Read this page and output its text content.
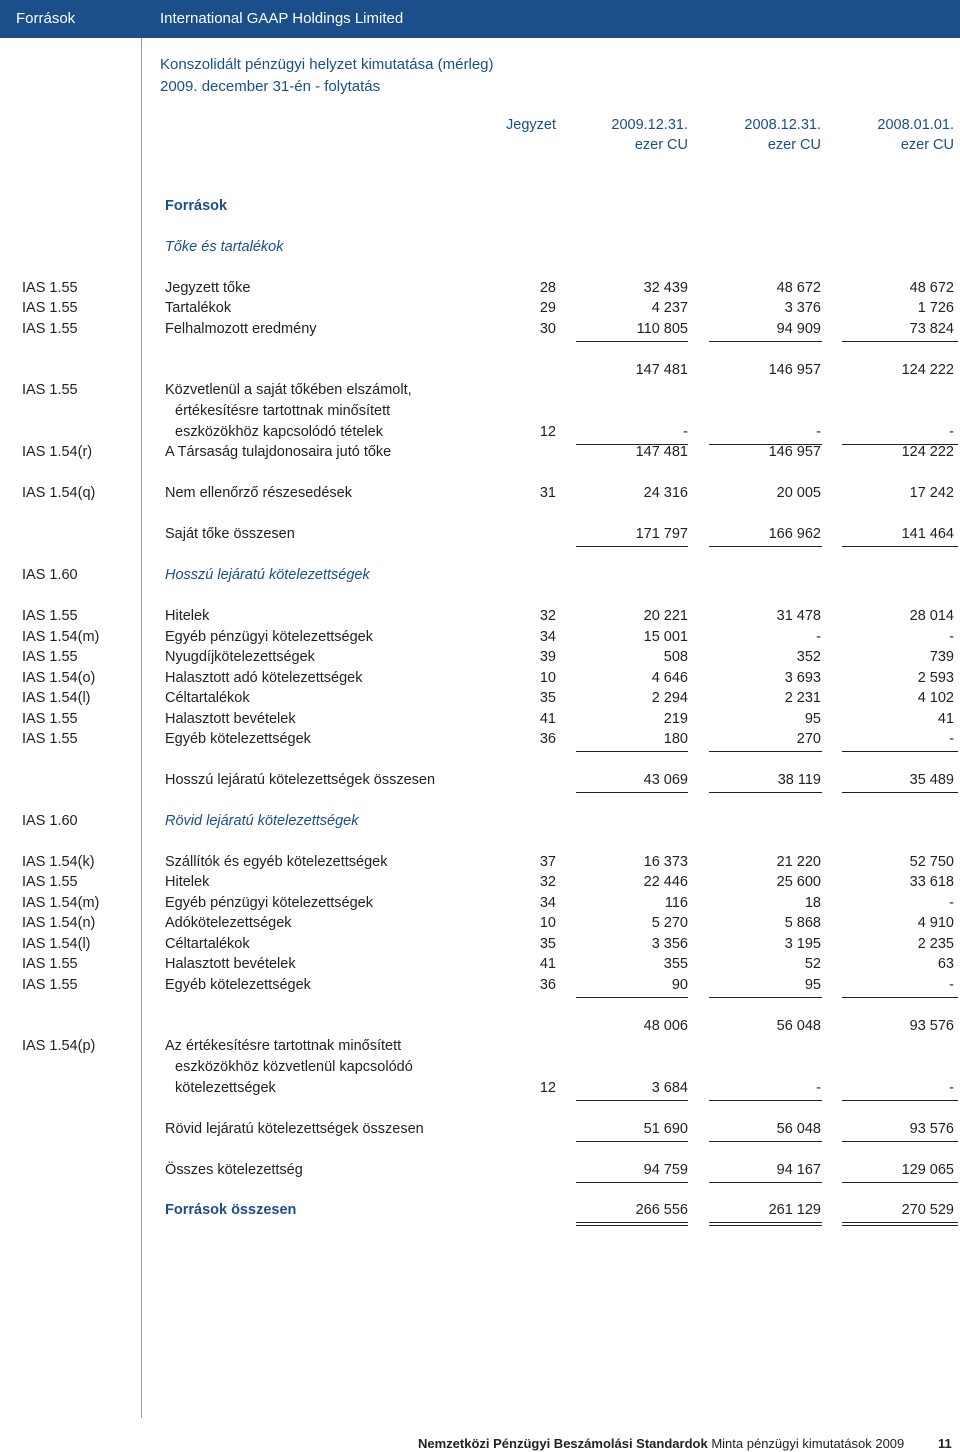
Források	International GAAP Holdings Limited
Konszolidált pénzügyi helyzet kimutatása (mérleg)
2009. december 31-én - folytatás
Jegyzet	2009.12.31.	2008.12.31.	2008.01.01.
ezer CU	ezer CU	ezer CU
Források
Tőke és tartalékok
IAS 1.55	Jegyzett tőke	28	32 439	48 672	48 672
IAS 1.55	Tartalékok	29	4 237	3 376	1 726
IAS 1.55	Felhalmozott eredmény	30	110 805	94 909	73 824
147 481	146 957	124 222
IAS 1.55	Közvetlenül a saját tőkében elszámolt,
értékesítésre tartottnak minősített
eszközökhöz kapcsolódó tételek	12	-	-	-
IAS 1.54(r)	A Társaság tulajdonosaira jutó tőke	147 481	146 957	124 222
IAS 1.54(q)	Nem ellenőrző részesedések	31	24 316	20 005	17 242
Saját tőke összesen	171 797	166 962	141 464
IAS 1.60	Hosszú lejáratú kötelezettségek
IAS 1.55	Hitelek	32	20 221	31 478	28 014
IAS 1.54(m)	Egyéb pénzügyi kötelezettségek	34	15 001	-	-
IAS 1.55	Nyugdíjkötelezettségek	39	508	352	739
IAS 1.54(o)	Halasztott adó kötelezettségek	10	4 646	3 693	2 593
IAS 1.54(l)	Céltartalékok	35	2 294	2 231	4 102
IAS 1.55	Halasztott bevételek	41	219	95	41
IAS 1.55	Egyéb kötelezettségek	36	180	270	-
Hosszú lejáratú kötelezettségek összesen	43 069	38 119	35 489
IAS 1.60	Rövid lejáratú kötelezettségek
IAS 1.54(k)	Szállítók és egyéb kötelezettségek	37	16 373	21 220	52 750
IAS 1.55	Hitelek	32	22 446	25 600	33 618
IAS 1.54(m)	Egyéb pénzügyi kötelezettségek	34	116	18	-
IAS 1.54(n)	Adókötelezettségek	10	5 270	5 868	4 910
IAS 1.54(l)	Céltartalékok	35	3 356	3 195	2 235
IAS 1.55	Halasztott bevételek	41	355	52	63
IAS 1.55	Egyéb kötelezettségek	36	90	95	-
48 006	56 048	93 576
IAS 1.54(p)	Az értékesítésre tartottnak minősített
eszközökhöz közvetlenül kapcsolódó
kötelezettségek	12	3 684	-	-
Rövid lejáratú kötelezettségek összesen	51 690	56 048	93 576
Összes kötelezettség	94 759	94 167	129 065
Források összesen	266 556	261 129	270 529
Nemzetközi Pénzügyi Beszámolási Standardok Minta pénzügyi kimutatások 2009	11
